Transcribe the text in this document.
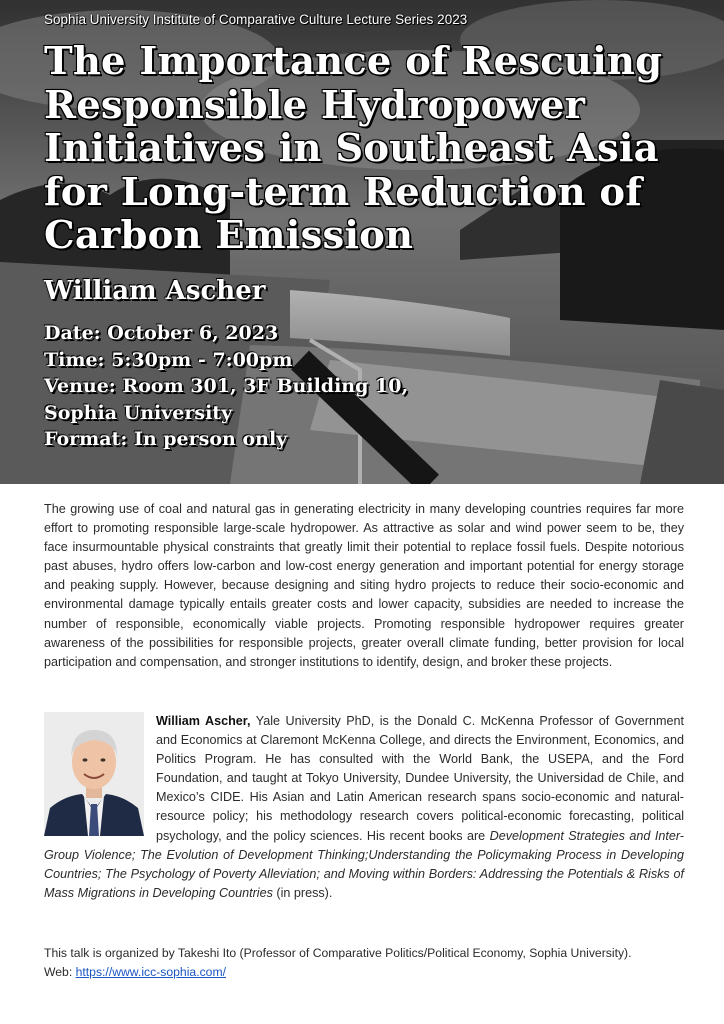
Sophia University Institute of Comparative Culture Lecture Series 2023
The Importance of Rescuing Responsible Hydropower Initiatives in Southeast Asia for Long-term Reduction of Carbon Emission
William Ascher
Date: October 6, 2023
Time: 5:30pm - 7:00pm
Venue: Room 301, 3F Building 10,
Sophia University
Format: In person only
The growing use of coal and natural gas in generating electricity in many developing countries requires far more effort to promoting responsible large-scale hydropower. As attractive as solar and wind power seem to be, they face insurmountable physical constraints that greatly limit their potential to replace fossil fuels. Despite notorious past abuses, hydro offers low-carbon and low-cost energy generation and important potential for energy storage and peaking supply. However, because designing and siting hydro projects to reduce their socio-economic and environmental damage typically entails greater costs and lower capacity, subsidies are needed to increase the number of responsible, economically viable projects. Promoting responsible hydropower requires greater awareness of the possibilities for responsible projects, greater overall climate funding, better provision for local participation and compensation, and stronger institutions to identify, design, and broker these projects.
William Ascher, Yale University PhD, is the Donald C. McKenna Professor of Government and Economics at Claremont McKenna College, and directs the Environment, Economics, and Politics Program. He has consulted with the World Bank, the USEPA, and the Ford Foundation, and taught at Tokyo University, Dundee University, the Universidad de Chile, and Mexico’s CIDE. His Asian and Latin American research spans socio-economic and natural-resource policy; his methodology research covers political-economic forecasting, political psychology, and the policy sciences. His recent books are Development Strategies and Inter-Group Violence; The Evolution of Development Thinking;Understanding the Policymaking Process in Developing Countries; The Psychology of Poverty Alleviation; and Moving within Borders: Addressing the Potentials & Risks of Mass Migrations in Developing Countries (in press).
This talk is organized by Takeshi Ito (Professor of Comparative Politics/Political Economy, Sophia University).
Web: https://www.icc-sophia.com/
